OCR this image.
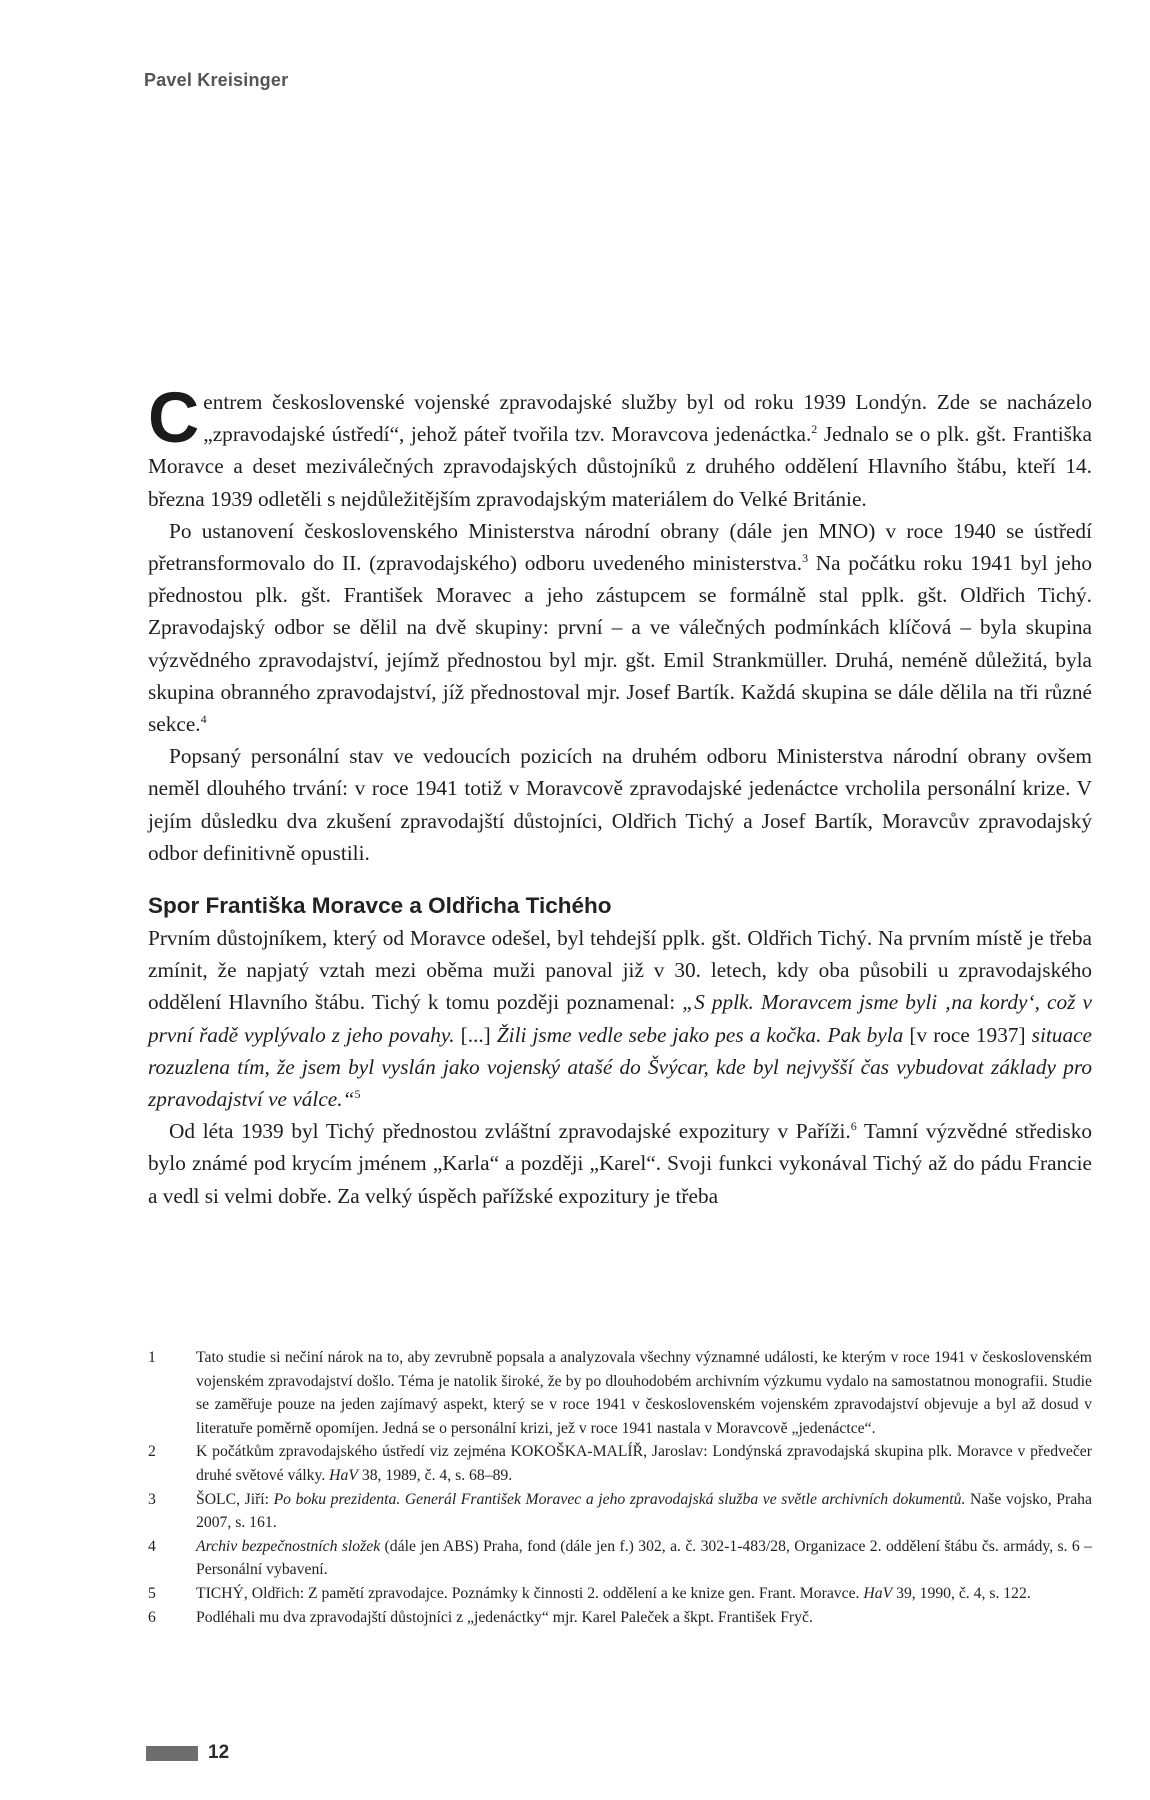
Pavel Kreisinger

Centrem československé vojenské zpravodajské služby byl od roku 1939 Londýn. Zde se nacházelo „zpravodajské ústředí“, jehož páteř tvořila tzv. Moravcova jedenáctka.$^2$ Jednalo se o plk. gšt. Františka Moravce a deset meziválečných zpravodajských důstojníků z druhého oddělení Hlavního štábu, kteří 14. března 1939 odletěli s nejdůležitějším zpravodajským materiálem do Velké Británie.

Po ustanovení československého Ministerstva národní obrany (dále jen MNO) v roce 1940 se ústředí přetransformovalo do II. (zpravodajského) odboru uvedeného ministerstva.$^3$ Na počátku roku 1941 byl jeho přednostou plk. gšt. František Moravec a jeho zástupcem se formálně stal pplk. gšt. Oldřich Tichý. Zpravodajský odbor se dělil na dvě skupiny: první – a ve válečných podmínkách klíčová – byla skupina výzvědného zpravodajství, jejímž přednostou byl mjr. gšt. Emil Strankmüller. Druhá, neméně důležitá, byla skupina obranného zpravodajství, jíž přednostoval mjr. Josef Bartík. Každá skupina se dále dělila na tři různé sekce.$^4$

Popsaný personální stav ve vedoucích pozicích na druhém odboru Ministerstva národní obrany ovšem neměl dlouhého trvání: v roce 1941 totiž v Moravcově zpravodajské jedenáctce vrcholila personální krize. V jejím důsledku dva zkušení zpravodajští důstojníci, Oldřich Tichý a Josef Bartík, Moravcův zpravodajský odbor definitivně opustili.

Spor Františka Moravce a Oldřicha Tichého

Prvním důstojníkem, který od Moravce odešel, byl tehdejší pplk. gšt. Oldřich Tichý. Na prvním místě je třeba zmínit, že napjatý vztah mezi oběma muži panoval již v 30. letech, kdy oba působili u zpravodajského oddělení Hlavního štábu. Tichý k tomu později poznamenal: „S pplk. Moravcem jsme byli ‚na kordy‘, což v první řadě vyplývalo z jeho povahy. [...] Žili jsme vedle sebe jako pes a kočka. Pak byla [v roce 1937] situace rozuzlena tím, že jsem byl vyslán jako vojenský atašé do Švýcar, kde byl nejvyšší čas vybudovat základy pro zpravodajství ve válce.“$^5$

Od léta 1939 byl Tichý přednostou zvláštní zpravodajské expozitury v Paříži.$^6$ Tamní výzvědné středisko bylo známé pod krycím jménem „Karla“ a později „Karel“. Svoji funkci vykonával Tichý až do pádu Francie a vedl si velmi dobře. Za velký úspěch pařížské expozitury je třeba

1	Tato studie si nečiní nárok na to, aby zevrubně popsala a analyzovala všechny významné události, ke kterým v roce 1941 v československém vojenském zpravodajství došlo. Téma je natolik široké, že by po dlouhodobém archivním výzkumu vydalo na samostatnou monografii. Studie se zaměřuje pouze na jeden zajímavý aspekt, který se v roce 1941 v československém vojenském zpravodajství objevuje a byl až dosud v literatuře poměrně opomíjen. Jedná se o personální krizi, jež v roce 1941 nastala v Moravcově „jedenáctce“.
2	K počátkům zpravodajského ústředí viz zejména KOKOŠKA-MALÍŘ, Jaroslav: Londýnská zpravodajská skupina plk. Moravce v předvečer druhé světové války. HaV 38, 1989, č. 4, s. 68–89.
3	ŠOLC, Jiří: Po boku prezidenta. Generál František Moravec a jeho zpravodajská služba ve světle archivních dokumentů. Naše vojsko, Praha 2007, s. 161.
4	Archiv bezpečnostních složek (dále jen ABS) Praha, fond (dále jen f.) 302, a. č. 302-1-483/28, Organizace 2. oddělení štábu čs. armády, s. 6 – Personální vybavení.
5	TICHÝ, Oldřich: Z pamětí zpravodajce. Poznámky k činnosti 2. oddělení a ke knize gen. Frant. Moravce. HaV 39, 1990, č. 4, s. 122.
6	Podléhali mu dva zpravodajští důstojníci z „jedenáctky“ mjr. Karel Paleček a škpt. František Fryč.
12
